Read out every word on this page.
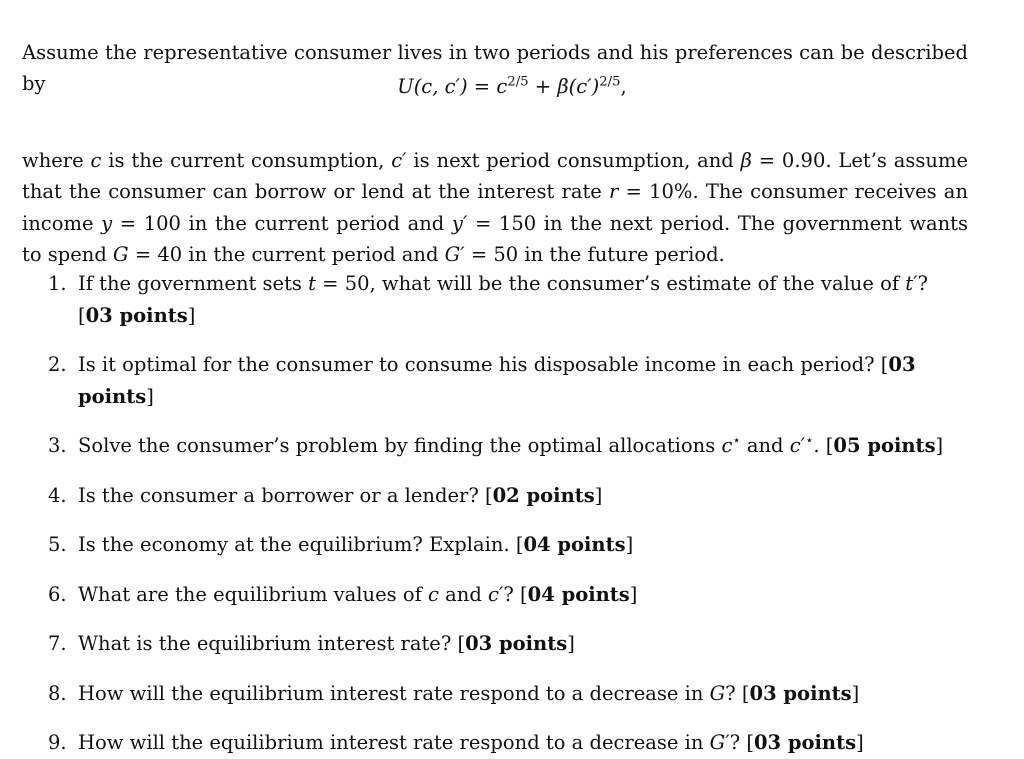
Assume the representative consumer lives in two periods and his preferences can be described by	U(c, $c') = c^{2/5} + \beta(c')^{2/5}$,

where c is the current consumption, c′ is next period consumption, and β = 0.90. Let’s assume that the consumer can borrow or lend at the interest rate r = 10%. The consumer receives an income y = 100 in the current period and y′ = 150 in the next period. The government wants to spend G = 40 in the current period and G′ = 50 in the future period.

1. If the government sets t = 50, what will be the consumer’s estimate of the value of t′? [03 points]
2. Is it optimal for the consumer to consume his disposable income in each period? [03 points]
3. Solve the consumer’s problem by finding the optimal allocations c⋆ and c′⋆. [05 points]
4. Is the consumer a borrower or a lender? [02 points]
5. Is the economy at the equilibrium? Explain. [04 points]
6. What are the equilibrium values of c and c′? [04 points]
7. What is the equilibrium interest rate? [03 points]
8. How will the equilibrium interest rate respond to a decrease in G? [03 points]
9. How will the equilibrium interest rate respond to a decrease in G′? [03 points]
